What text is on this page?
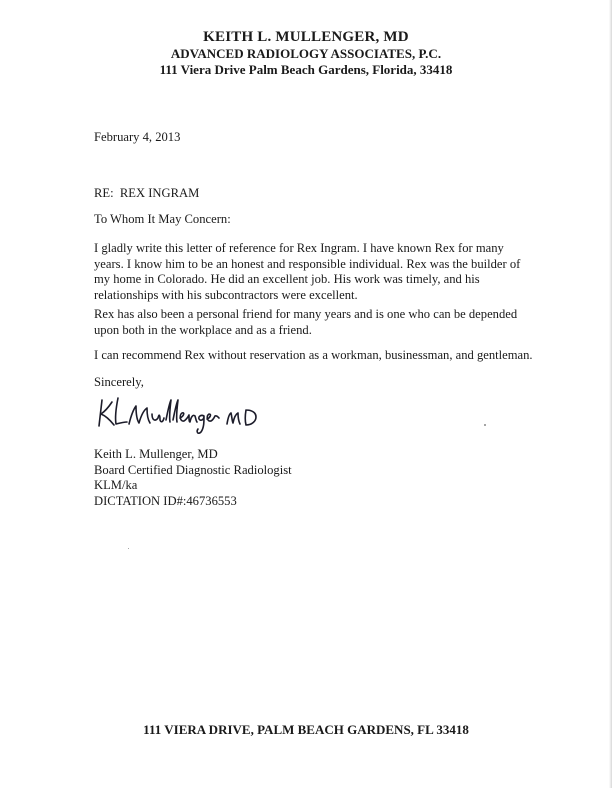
KEITH L. MULLENGER, MD
ADVANCED RADIOLOGY ASSOCIATES, P.C.
111 Viera Drive Palm Beach Gardens, Florida, 33418
February 4, 2013
RE:  REX INGRAM
To Whom It May Concern:
I gladly write this letter of reference for Rex Ingram. I have known Rex for many years. I know him to be an honest and responsible individual. Rex was the builder of my home in Colorado. He did an excellent job. His work was timely, and his relationships with his subcontractors were excellent.
Rex has also been a personal friend for many years and is one who can be depended upon both in the workplace and as a friend.
I can recommend Rex without reservation as a workman, businessman, and gentleman.
Sincerely,
Keith L. Mullenger, MD
Board Certified Diagnostic Radiologist
KLM/ka
DICTATION ID#:46736553
111 VIERA DRIVE, PALM BEACH GARDENS, FL 33418
